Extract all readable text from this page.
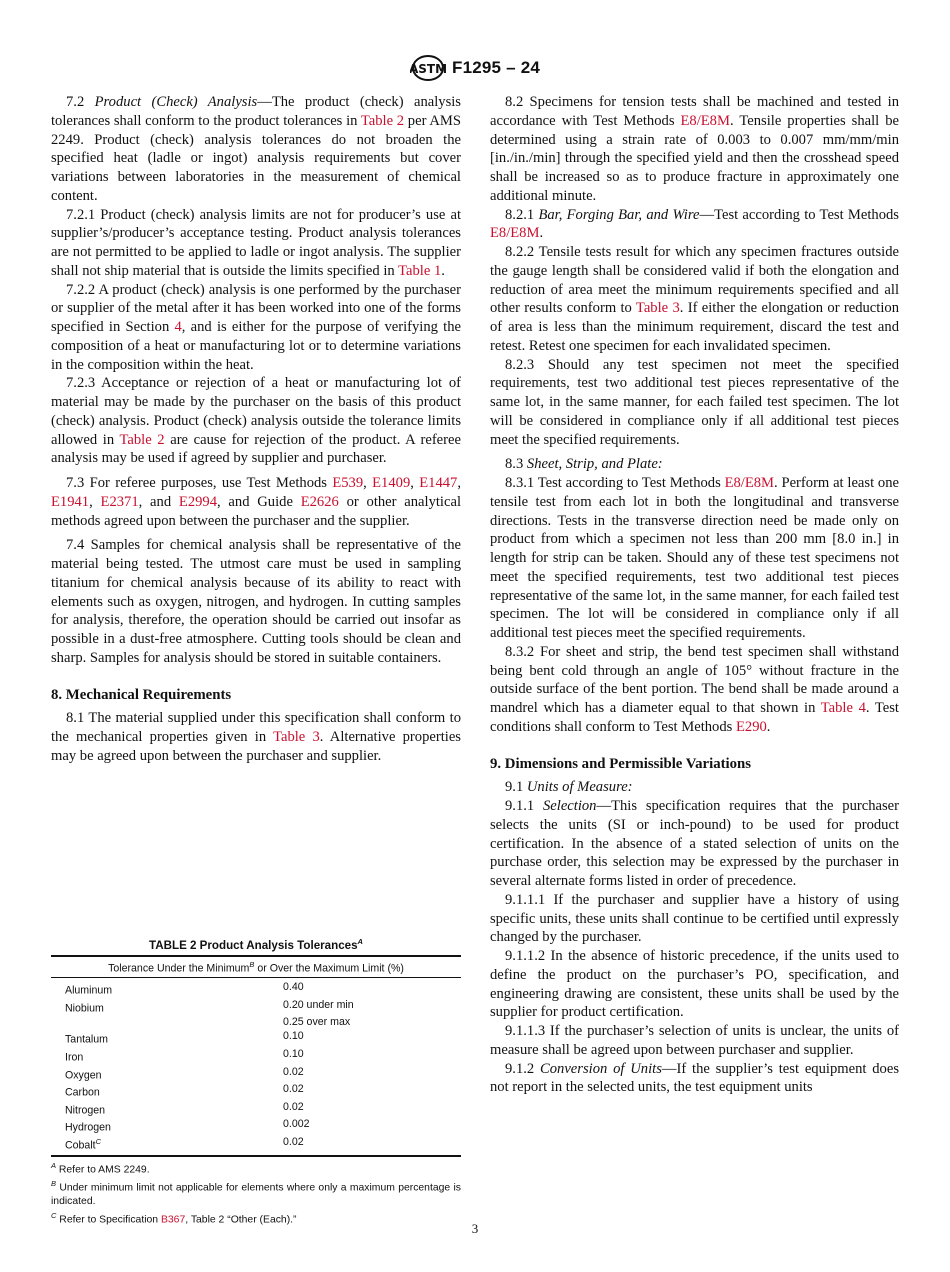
ASTM F1295 – 24

7.2 Product (Check) Analysis—The product (check) analysis tolerances shall conform to the product tolerances in Table 2 per AMS 2249. Product (check) analysis tolerances do not broaden the specified heat (ladle or ingot) analysis requirements but cover variations between laboratories in the measurement of chemical content.

7.2.1 Product (check) analysis limits are not for producer’s use at supplier’s/producer’s acceptance testing. Product analysis tolerances are not permitted to be applied to ladle or ingot analysis. The supplier shall not ship material that is outside the limits specified in Table 1.

7.2.2 A product (check) analysis is one performed by the purchaser or supplier of the metal after it has been worked into one of the forms specified in Section 4, and is either for the purpose of verifying the composition of a heat or manufacturing lot or to determine variations in the composition within the heat.

7.2.3 Acceptance or rejection of a heat or manufacturing lot of material may be made by the purchaser on the basis of this product (check) analysis. Product (check) analysis outside the tolerance limits allowed in Table 2 are cause for rejection of the product. A referee analysis may be used if agreed by supplier and purchaser.

7.3 For referee purposes, use Test Methods E539, E1409, E1447, E1941, E2371, and E2994, and Guide E2626 or other analytical methods agreed upon between the purchaser and the supplier.

7.4 Samples for chemical analysis shall be representative of the material being tested. The utmost care must be used in sampling titanium for chemical analysis because of its ability to react with elements such as oxygen, nitrogen, and hydrogen. In cutting samples for analysis, therefore, the operation should be carried out insofar as possible in a dust-free atmosphere. Cutting tools should be clean and sharp. Samples for analysis should be stored in suitable containers.

8. Mechanical Requirements

8.1 The material supplied under this specification shall conform to the mechanical properties given in Table 3. Alternative properties may be agreed upon between the purchaser and supplier.

TABLE 2 Product Analysis Tolerances$^A$
Tolerance Under the Minimum$^B$ or Over the Maximum Limit (%)
Aluminum	0.40
Niobium	0.20 under min
	0.25 over max
Tantalum	0.10
Iron	0.10
Oxygen	0.02
Carbon	0.02
Nitrogen	0.02
Hydrogen	0.002
Cobalt$^C$	0.02
$^A$ Refer to AMS 2249.
$^B$ Under minimum limit not applicable for elements where only a maximum percentage is indicated.
$^C$ Refer to Specification B367, Table 2 “Other (Each).”

8.2 Specimens for tension tests shall be machined and tested in accordance with Test Methods E8/E8M. Tensile properties shall be determined using a strain rate of 0.003 to 0.007 mm/mm/min [in./in./min] through the specified yield and then the crosshead speed shall be increased so as to produce fracture in approximately one additional minute.

8.2.1 Bar, Forging Bar, and Wire—Test according to Test Methods E8/E8M.

8.2.2 Tensile tests result for which any specimen fractures outside the gauge length shall be considered valid if both the elongation and reduction of area meet the minimum requirements specified and all other results conform to Table 3. If either the elongation or reduction of area is less than the minimum requirement, discard the test and retest. Retest one specimen for each invalidated specimen.

8.2.3 Should any test specimen not meet the specified requirements, test two additional test pieces representative of the same lot, in the same manner, for each failed test specimen. The lot will be considered in compliance only if all additional test pieces meet the specified requirements.

8.3 Sheet, Strip, and Plate:

8.3.1 Test according to Test Methods E8/E8M. Perform at least one tensile test from each lot in both the longitudinal and transverse directions. Tests in the transverse direction need be made only on product from which a specimen not less than 200 mm [8.0 in.] in length for strip can be taken. Should any of these test specimens not meet the specified requirements, test two additional test pieces representative of the same lot, in the same manner, for each failed test specimen. The lot will be considered in compliance only if all additional test pieces meet the specified requirements.

8.3.2 For sheet and strip, the bend test specimen shall withstand being bent cold through an angle of 105° without fracture in the outside surface of the bent portion. The bend shall be made around a mandrel which has a diameter equal to that shown in Table 4. Test conditions shall conform to Test Methods E290.

9. Dimensions and Permissible Variations

9.1 Units of Measure:

9.1.1 Selection—This specification requires that the purchaser selects the units (SI or inch-pound) to be used for product certification. In the absence of a stated selection of units on the purchase order, this selection may be expressed by the purchaser in several alternate forms listed in order of precedence.

9.1.1.1 If the purchaser and supplier have a history of using specific units, these units shall continue to be certified until expressly changed by the purchaser.

9.1.1.2 In the absence of historic precedence, if the units used to define the product on the purchaser’s PO, specification, and engineering drawing are consistent, these units shall be used by the supplier for product certification.

9.1.1.3 If the purchaser’s selection of units is unclear, the units of measure shall be agreed upon between purchaser and supplier.

9.1.2 Conversion of Units—If the supplier’s test equipment does not report in the selected units, the test equipment units

3
